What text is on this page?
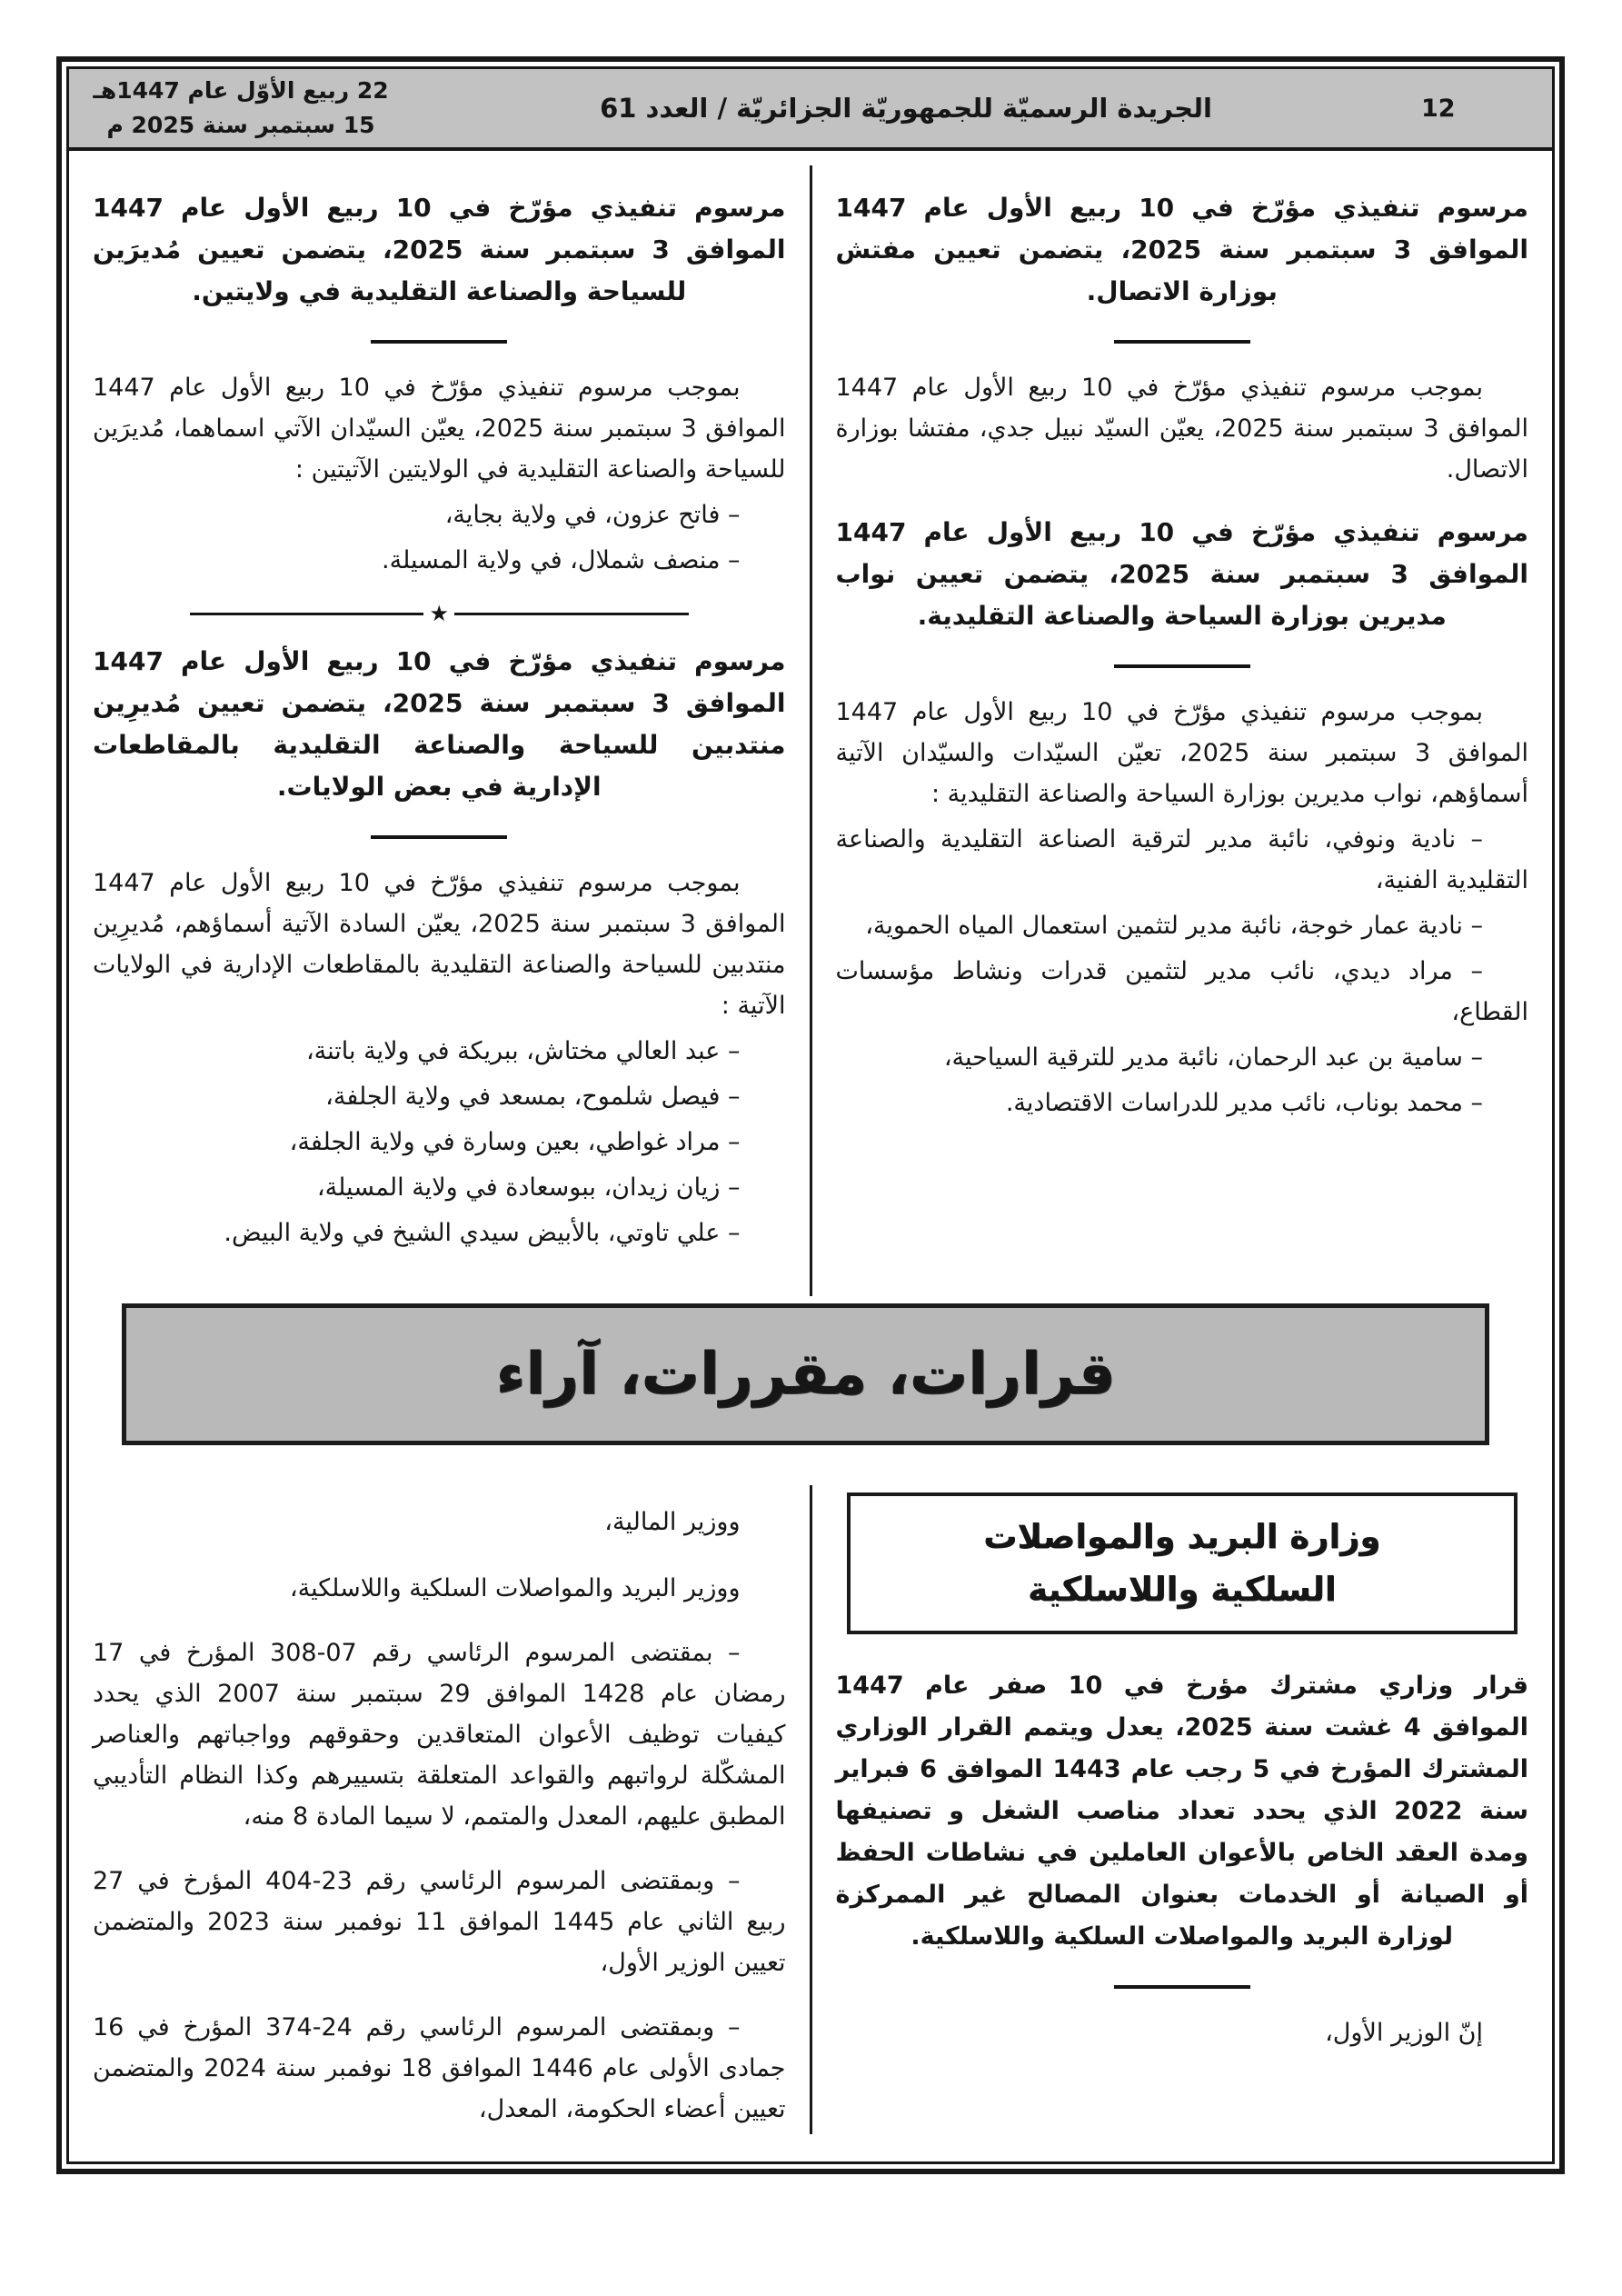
22 ربيع الأوّل عام 1447هـ
15 سبتمبر سنة 2025 م
الجريدة الرسميّة للجمهوريّة الجزائريّة / العدد 61	12
مرسوم تنفيذي مؤرّخ في 10 ربيع الأول عام 1447 الموافق 3 سبتمبر سنة 2025، يتضمن تعيين مفتش بوزارة الاتصال.
بموجب مرسوم تنفيذي مؤرّخ في 10 ربيع الأول عام 1447 الموافق 3 سبتمبر سنة 2025، يعيّن السيّد نبيل جدي، مفتشا بوزارة الاتصال.
مرسوم تنفيذي مؤرّخ في 10 ربيع الأول عام 1447 الموافق 3 سبتمبر سنة 2025، يتضمن تعيين نواب مديرين بوزارة السياحة والصناعة التقليدية.
بموجب مرسوم تنفيذي مؤرّخ في 10 ربيع الأول عام 1447 الموافق 3 سبتمبر سنة 2025، تعيّن السيّدات والسيّدان الآتية أسماؤهم، نواب مديرين بوزارة السياحة والصناعة التقليدية :
– نادية ونوفي، نائبة مدير لترقية الصناعة التقليدية والصناعة التقليدية الفنية،
– نادية عمار خوجة، نائبة مدير لتثمين استعمال المياه الحموية،
– مراد ديدي، نائب مدير لتثمين قدرات ونشاط مؤسسات القطاع،
– سامية بن عبد الرحمان، نائبة مدير للترقية السياحية،
– محمد بوناب، نائب مدير للدراسات الاقتصادية.
مرسوم تنفيذي مؤرّخ في 10 ربيع الأول عام 1447 الموافق 3 سبتمبر سنة 2025، يتضمن تعيين مُديرَين للسياحة والصناعة التقليدية في ولايتين.
بموجب مرسوم تنفيذي مؤرّخ في 10 ربيع الأول عام 1447 الموافق 3 سبتمبر سنة 2025، يعيّن السيّدان الآتي اسماهما، مُديرَين للسياحة والصناعة التقليدية في الولايتين الآتيتين :
– فاتح عزون، في ولاية بجاية،
– منصف شملال، في ولاية المسيلة.
★
مرسوم تنفيذي مؤرّخ في 10 ربيع الأول عام 1447 الموافق 3 سبتمبر سنة 2025، يتضمن تعيين مُديرِين منتدبين للسياحة والصناعة التقليدية بالمقاطعات الإدارية في بعض الولايات.
بموجب مرسوم تنفيذي مؤرّخ في 10 ربيع الأول عام 1447 الموافق 3 سبتمبر سنة 2025، يعيّن السادة الآتية أسماؤهم، مُديرِين منتدبين للسياحة والصناعة التقليدية بالمقاطعات الإدارية في الولايات الآتية :
– عبد العالي مختاش، ببريكة في ولاية باتنة،
– فيصل شلموح، بمسعد في ولاية الجلفة،
– مراد غواطي، بعين وسارة في ولاية الجلفة،
– زيان زيدان، ببوسعادة في ولاية المسيلة،
– علي تاوتي، بالأبيض سيدي الشيخ في ولاية البيض.
قرارات، مقررات، آراء
وزارة البريد والمواصلات
السلكية واللاسلكية
قرار وزاري مشترك مؤرخ في 10 صفر عام 1447 الموافق 4 غشت سنة 2025، يعدل ويتمم القرار الوزاري المشترك المؤرخ في 5 رجب عام 1443 الموافق 6 فبراير سنة 2022 الذي يحدد تعداد مناصب الشغل و تصنيفها ومدة العقد الخاص بالأعوان العاملين في نشاطات الحفظ أو الصيانة أو الخدمات بعنوان المصالح غير الممركزة لوزارة البريد والمواصلات السلكية واللاسلكية.
إنّ الوزير الأول،
ووزير المالية،
ووزير البريد والمواصلات السلكية واللاسلكية،
– بمقتضى المرسوم الرئاسي رقم 07-308 المؤرخ في 17 رمضان عام 1428 الموافق 29 سبتمبر سنة 2007 الذي يحدد كيفيات توظيف الأعوان المتعاقدين وحقوقهم وواجباتهم والعناصر المشكّلة لرواتبهم والقواعد المتعلقة بتسييرهم وكذا النظام التأديبي المطبق عليهم، المعدل والمتمم، لا سيما المادة 8 منه،
– وبمقتضى المرسوم الرئاسي رقم 23-404 المؤرخ في 27 ربيع الثاني عام 1445 الموافق 11 نوفمبر سنة 2023 والمتضمن تعيين الوزير الأول،
– وبمقتضى المرسوم الرئاسي رقم 24-374 المؤرخ في 16 جمادى الأولى عام 1446 الموافق 18 نوفمبر سنة 2024 والمتضمن تعيين أعضاء الحكومة، المعدل،
